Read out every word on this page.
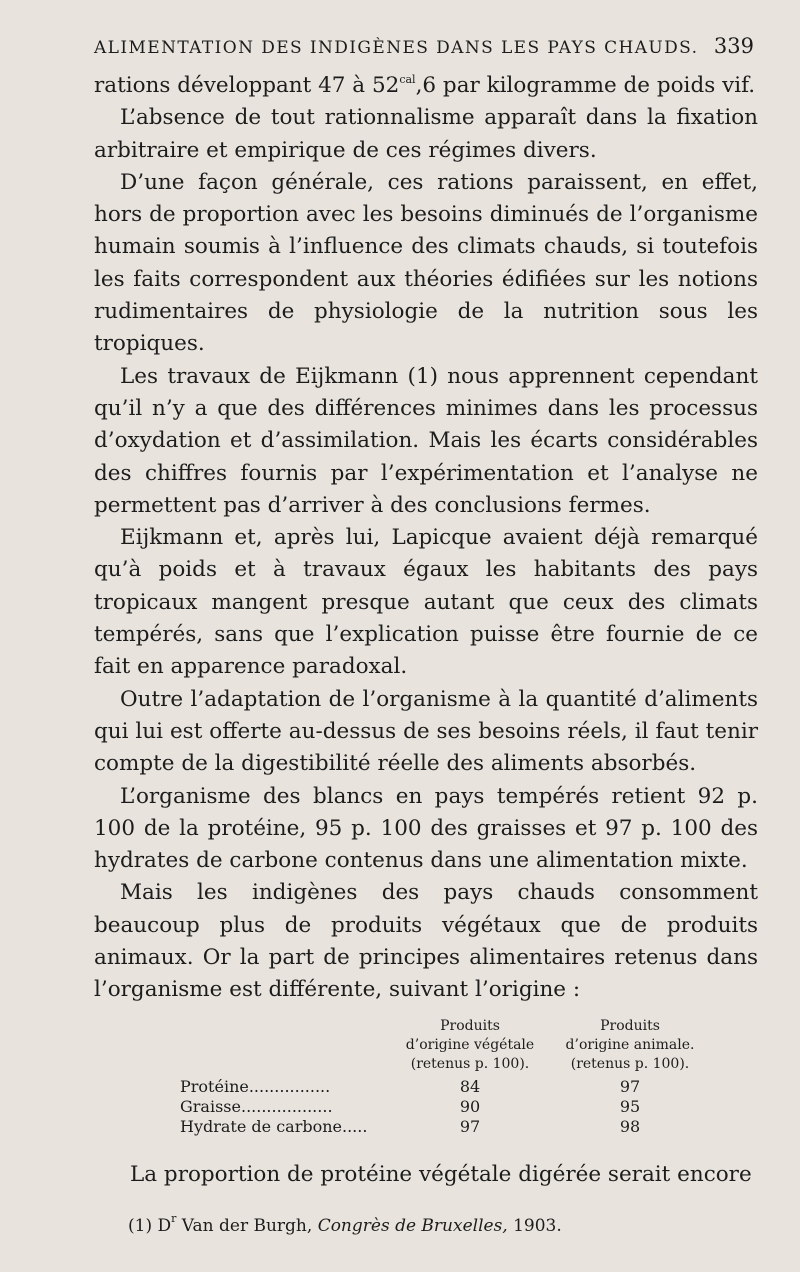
ALIMENTATION DES INDIGÈNES DANS LES PAYS CHAUDS. 339

rations développant 47 à $52^{cal},6$ par kilogramme de poids vif.

L’absence de tout rationnalisme apparaît dans la fixation arbitraire et empirique de ces régimes divers.

D’une façon générale, ces rations paraissent, en effet, hors de proportion avec les besoins diminués de l’organisme humain soumis à l’influence des climats chauds, si toutefois les faits correspondent aux théories édifiées sur les notions rudimentaires de physiologie de la nutrition sous les tropiques.

Les travaux de Eijkmann (1) nous apprennent cependant qu’il n’y a que des différences minimes dans les processus d’oxydation et d’assimilation. Mais les écarts considérables des chiffres fournis par l’expérimentation et l’analyse ne permettent pas d’arriver à des conclusions fermes.

Eijkmann et, après lui, Lapicque avaient déjà remarqué qu’à poids et à travaux égaux les habitants des pays tropicaux mangent presque autant que ceux des climats tempérés, sans que l’explication puisse être fournie de ce fait en apparence paradoxal.

Outre l’adaptation de l’organisme à la quantité d’aliments qui lui est offerte au-dessus de ses besoins réels, il faut tenir compte de la digestibilité réelle des aliments absorbés.

L’organisme des blancs en pays tempérés retient 92 p. 100 de la protéine, 95 p. 100 des graisses et 97 p. 100 des hydrates de carbone contenus dans une alimentation mixte.

Mais les indigènes des pays chauds consomment beaucoup plus de produits végétaux que de produits animaux. Or la part de principes alimentaires retenus dans l’organisme est différente, suivant l’origine :

Produits
d’origine végétale
(retenus p. 100).
Produits
d’origine animale.
(retenus p. 100).
Protéine................	84	97
Graisse..................	90	95
Hydrate de carbone.....	97	98
La proportion de protéine végétale digérée serait encore
(1) $D^r$ Van der Burgh, Congrès de Bruxelles, 1903.
